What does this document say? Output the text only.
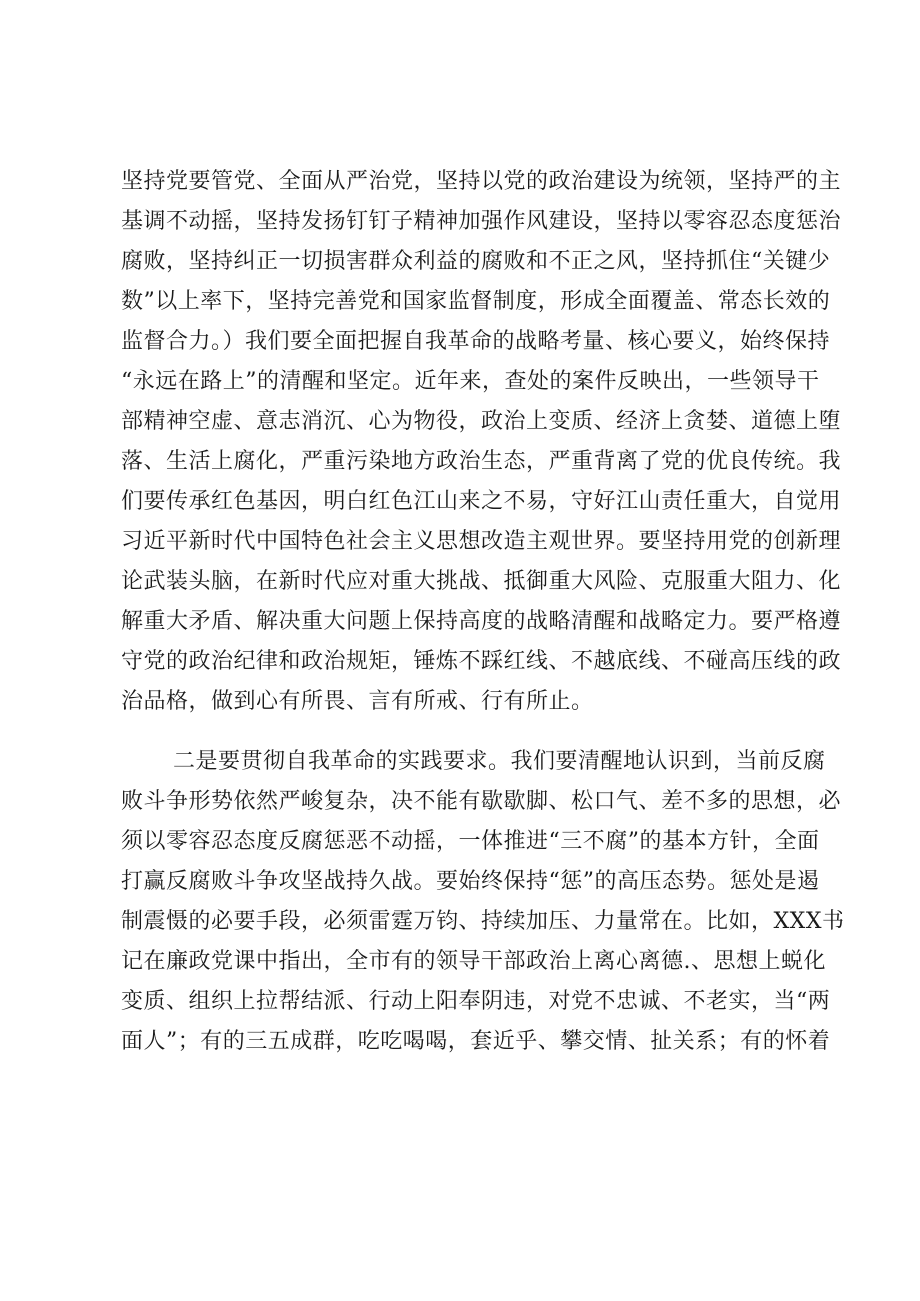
坚持党要管党、全面从严治党，坚持以党的政治建设为统领，坚持严的主
基调不动摇，坚持发扬钉钉子精神加强作风建设，坚持以零容忍态度惩治
腐败，坚持纠正一切损害群众利益的腐败和不正之风，坚持抓住“关键少
数”以上率下，坚持完善党和国家监督制度，形成全面覆盖、常态长效的
监督合力。）我们要全面把握自我革命的战略考量、核心要义，始终保持
“永远在路上”的清醒和坚定。近年来，查处的案件反映出，一些领导干
部精神空虚、意志消沉、心为物役，政治上变质、经济上贪婪、道德上堕
落、生活上腐化，严重污染地方政治生态，严重背离了党的优良传统。我
们要传承红色基因，明白红色江山来之不易，守好江山责任重大，自觉用
习近平新时代中国特色社会主义思想改造主观世界。要坚持用党的创新理
论武装头脑，在新时代应对重大挑战、抵御重大风险、克服重大阻力、化
解重大矛盾、解决重大问题上保持高度的战略清醒和战略定力。要严格遵
守党的政治纪律和政治规矩，锤炼不踩红线、不越底线、不碰高压线的政
治品格，做到心有所畏、言有所戒、行有所止。
二是要贯彻自我革命的实践要求。我们要清醒地认识到，当前反腐
败斗争形势依然严峻复杂，决不能有歇歇脚、松口气、差不多的思想，必
须以零容忍态度反腐惩恶不动摇，一体推进“三不腐”的基本方针，全面
打赢反腐败斗争攻坚战持久战。要始终保持“惩”的高压态势。惩处是遏
制震慑的必要手段，必须雷霆万钧、持续加压、力量常在。比如，XXX书
记在廉政党课中指出，全市有的领导干部政治上离心离德.、思想上蜕化
变质、组织上拉帮结派、行动上阳奉阴违，对党不忠诚、不老实，当“两
面人”；有的三五成群，吃吃喝喝，套近乎、攀交情、扯关系；有的怀着
